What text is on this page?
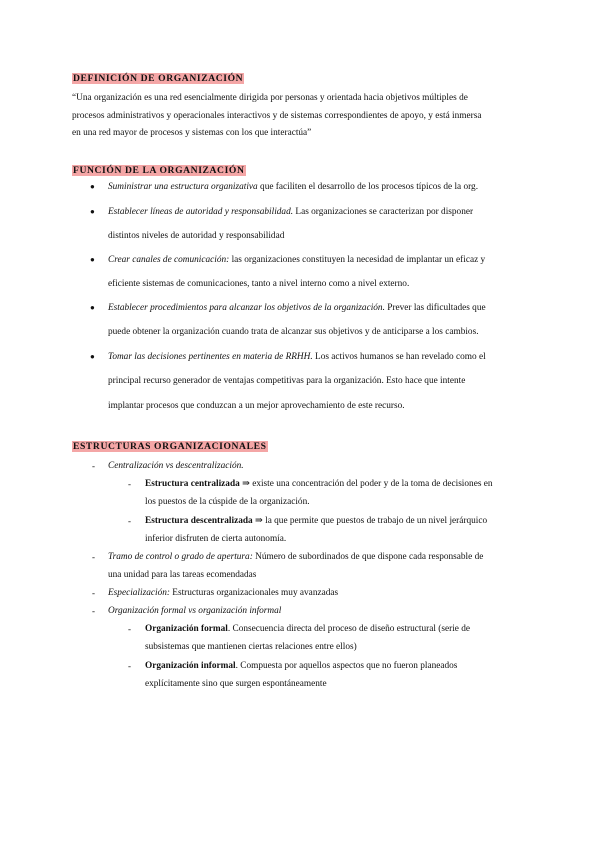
DEFINICIÓN DE ORGANIZACIÓN
“Una organización es una red esencialmente dirigida por personas y orientada hacia objetivos múltiples de
procesos administrativos y operacionales interactivos y de sistemas correspondientes de apoyo, y está inmersa
en una red mayor de procesos y sistemas con los que interactúa”
FUNCIÓN DE LA ORGANIZACIÓN
● Suministrar una estructura organizativa que faciliten el desarrollo de los procesos típicos de la org.
● Establecer líneas de autoridad y responsabilidad. Las organizaciones se caracterizan por disponer
distintos niveles de autoridad y responsabilidad
● Crear canales de comunicación: las organizaciones constituyen la necesidad de implantar un eficaz y
eficiente sistemas de comunicaciones, tanto a nivel interno como a nivel externo.
● Establecer procedimientos para alcanzar los objetivos de la organización. Prever las dificultades que
puede obtener la organización cuando trata de alcanzar sus objetivos y de anticiparse a los cambios.
● Tomar las decisiones pertinentes en materia de RRHH. Los activos humanos se han revelado como el
principal recurso generador de ventajas competitivas para la organización. Esto hace que intente
implantar procesos que conduzcan a un mejor aprovechamiento de este recurso.
ESTRUCTURAS ORGANIZACIONALES
- Centralización vs descentralización.
- Estructura centralizada ⇒ existe una concentración del poder y de la toma de decisiones en
los puestos de la cúspide de la organización.
- Estructura descentralizada ⇒ la que permite que puestos de trabajo de un nivel jerárquico
inferior disfruten de cierta autonomía.
- Tramo de control o grado de apertura: Número de subordinados de que dispone cada responsable de
una unidad para las tareas ecomendadas
- Especialización: Estructuras organizacionales muy avanzadas
- Organización formal vs organización informal
- Organización formal. Consecuencia directa del proceso de diseño estructural (serie de
subsistemas que mantienen ciertas relaciones entre ellos)
- Organización informal. Compuesta por aquellos aspectos que no fueron planeados
explícitamente sino que surgen espontáneamente
